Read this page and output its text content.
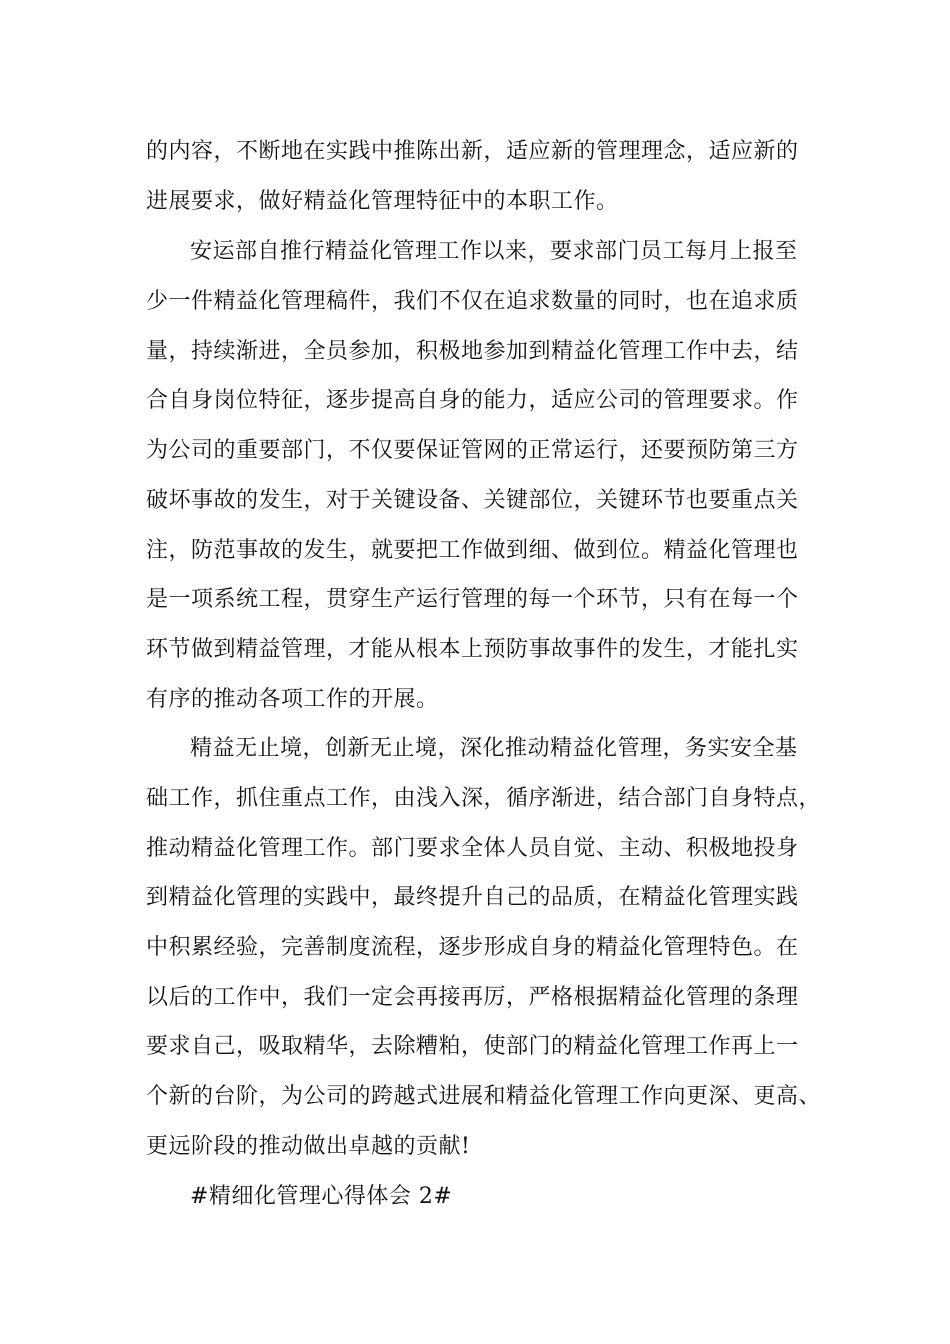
的内容，不断地在实践中推陈出新，适应新的管理理念，适应新的
进展要求，做好精益化管理特征中的本职工作。
安运部自推行精益化管理工作以来，要求部门员工每月上报至
少一件精益化管理稿件，我们不仅在追求数量的同时，也在追求质
量，持续渐进，全员参加，积极地参加到精益化管理工作中去，结
合自身岗位特征，逐步提高自身的能力，适应公司的管理要求。作
为公司的重要部门，不仅要保证管网的正常运行，还要预防第三方
破坏事故的发生，对于关键设备、关键部位，关键环节也要重点关
注，防范事故的发生，就要把工作做到细、做到位。精益化管理也
是一项系统工程，贯穿生产运行管理的每一个环节，只有在每一个
环节做到精益管理，才能从根本上预防事故事件的发生，才能扎实
有序的推动各项工作的开展。
精益无止境，创新无止境，深化推动精益化管理，务实安全基
础工作，抓住重点工作，由浅入深，循序渐进，结合部门自身特点，
推动精益化管理工作。部门要求全体人员自觉、主动、积极地投身
到精益化管理的实践中，最终提升自己的品质，在精益化管理实践
中积累经验，完善制度流程，逐步形成自身的精益化管理特色。在
以后的工作中，我们一定会再接再厉，严格根据精益化管理的条理
要求自己，吸取精华，去除糟粕，使部门的精益化管理工作再上一
个新的台阶，为公司的跨越式进展和精益化管理工作向更深、更高、
更远阶段的推动做出卓越的贡献!
#精细化管理心得体会 2#
